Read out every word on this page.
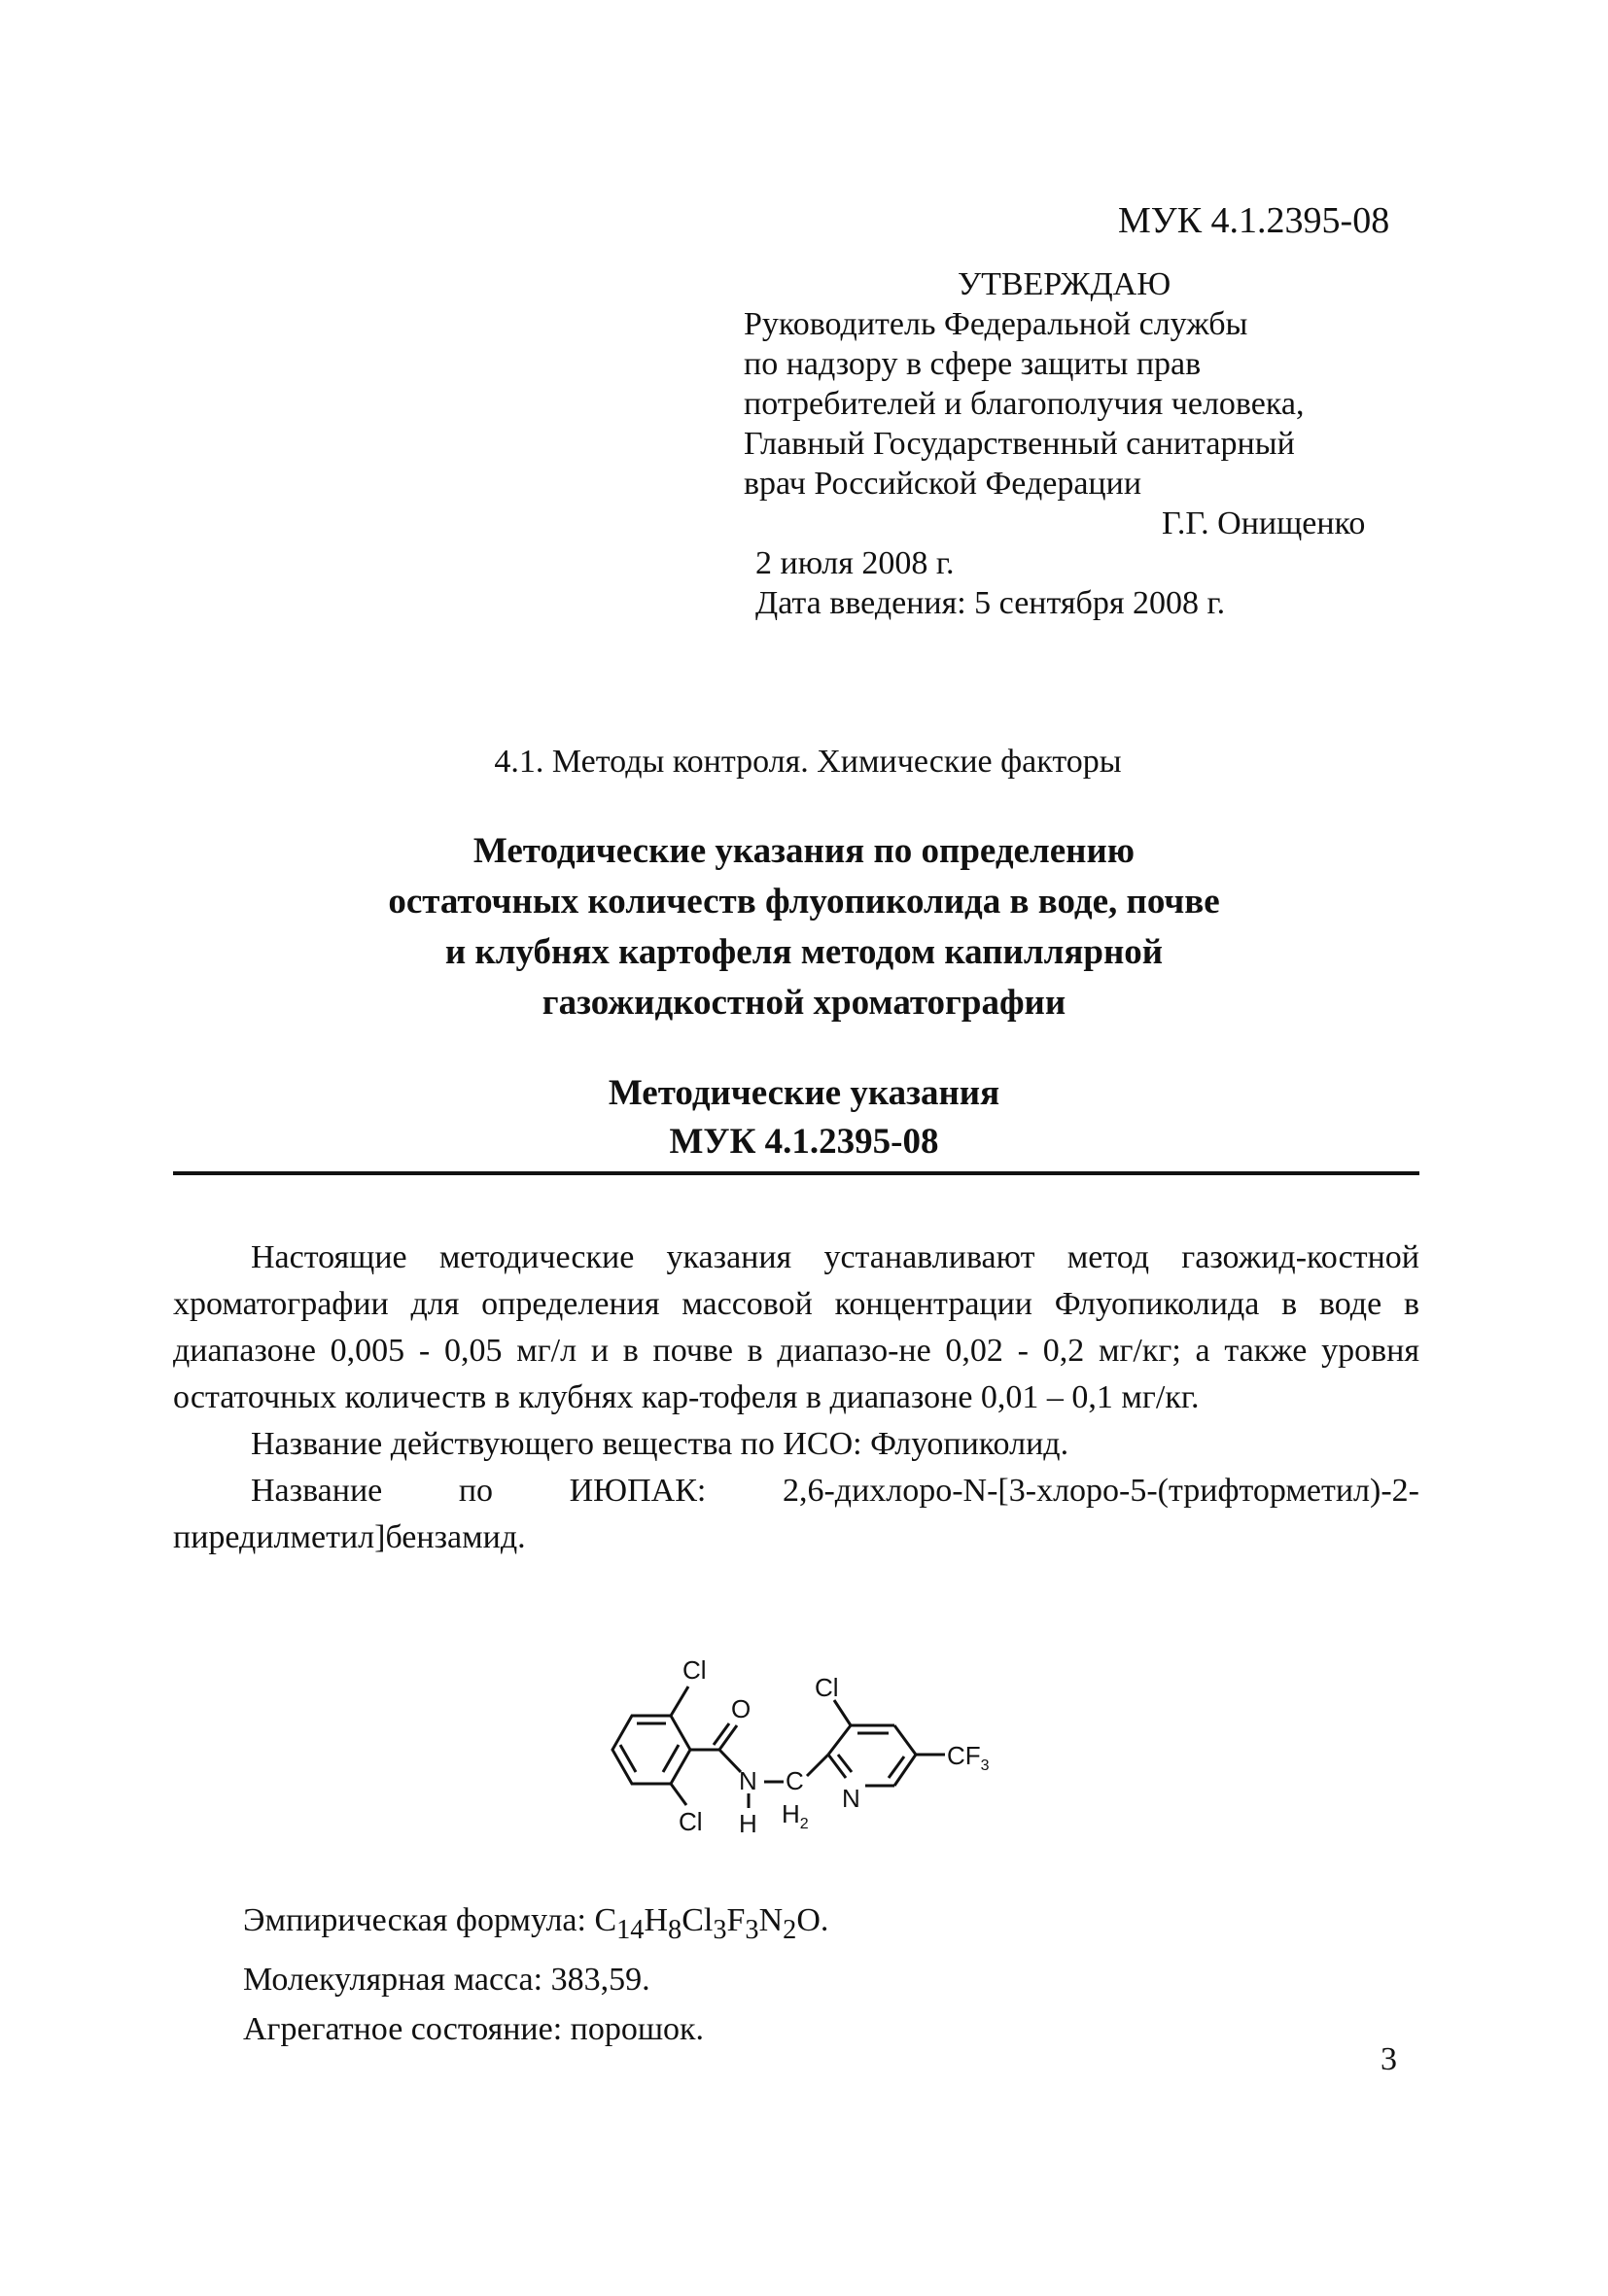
МУК 4.1.2395-08
УТВЕРЖДАЮ
Руководитель Федеральной службы
по надзору в сфере защиты прав
потребителей и благополучия человека,
Главный Государственный санитарный
врач Российской Федерации
Г.Г. Онищенко
2 июля 2008 г.
Дата введения: 5 сентября 2008 г.
4.1. Методы контроля. Химические факторы
Методические указания по определению
остаточных количеств флуопиколида в воде, почве
и клубнях картофеля методом капиллярной
газожидкостной хроматографии
Методические указания
МУК 4.1.2395-08

Настоящие методические указания устанавливают метод газожид-костной хроматографии для определения массовой концентрации Флуопиколида в воде в диапазоне 0,005 - 0,05 мг/л и в почве в диапазо-не 0,02 - 0,2 мг/кг; а также уровня остаточных количеств в клубнях кар-тофеля в диапазоне 0,01 – 0,1 мг/кг.

Название действующего вещества по ИСО: Флуопиколид.

Название по ИЮПАК: 2,6-дихлоро-N-[3-хлоро-5-(трифторметил)-2-пиредилметил]бензамид.

Cl
Cl
O
N
H
C
$H_2$
Cl
N
$CF_3$
Эмпирическая формула: $C_{14}H_8Cl_3F_3N_2O$.
Молекулярная масса: 383,59.
Агрегатное состояние: порошок.
3
